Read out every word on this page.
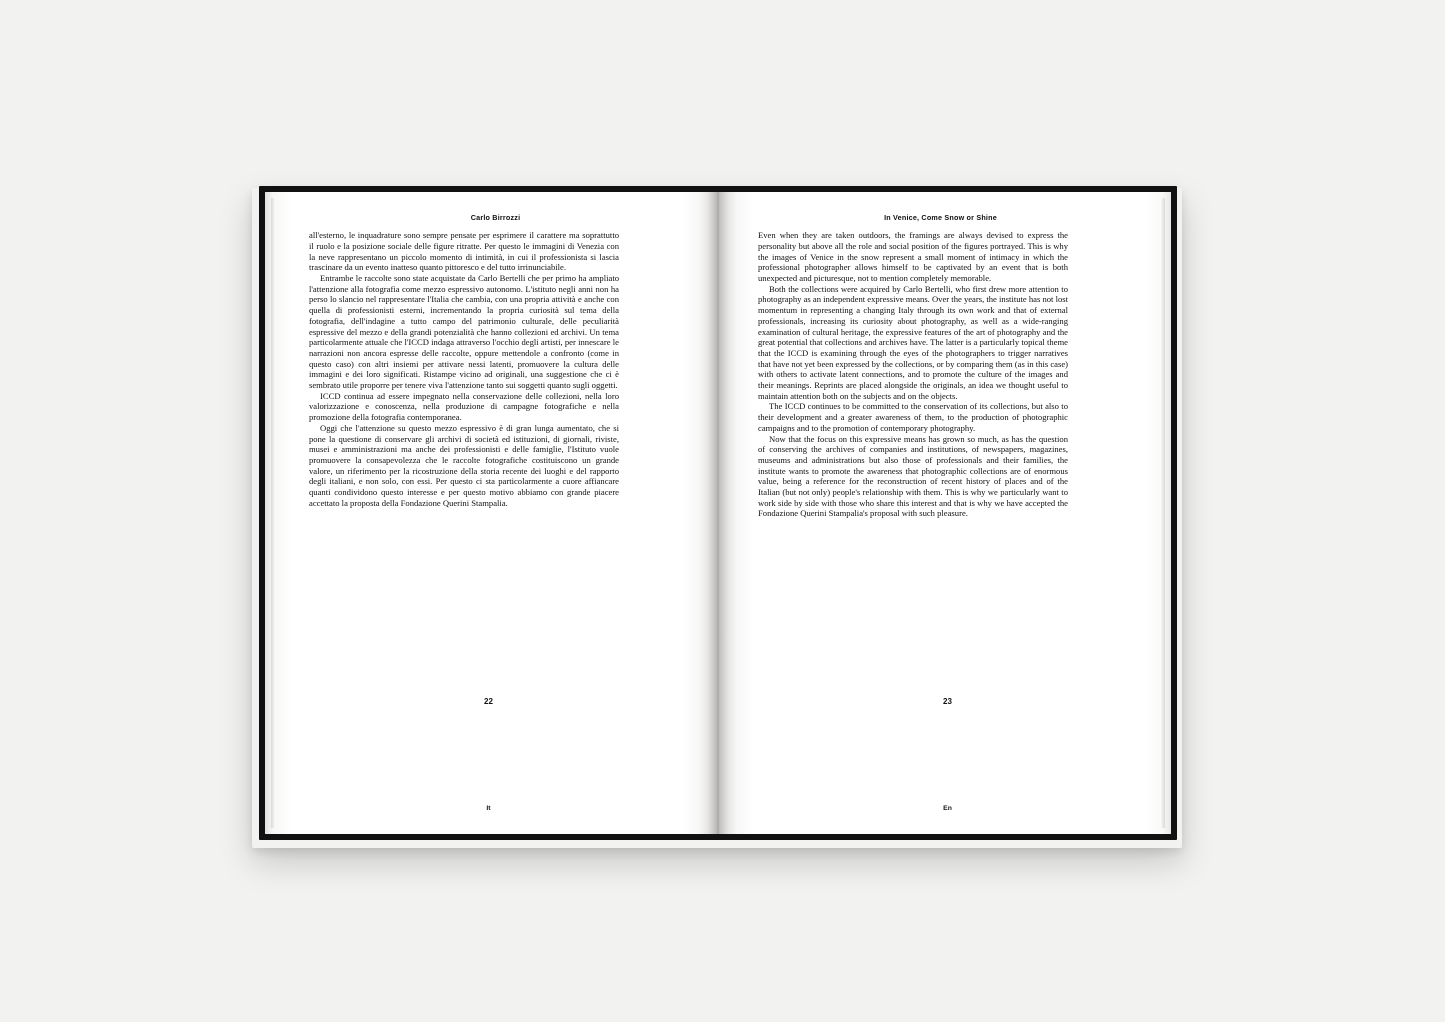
Carlo Birrozzi

all'esterno, le inquadrature sono sempre pensate per esprimere il carattere ma soprattutto il ruolo e la posizione sociale delle figure ritratte. Per questo le immagini di Venezia con la neve rappresentano un piccolo momento di intimità, in cui il professionista si lascia trascinare da un evento inatteso quanto pittoresco e del tutto irrinunciabile.

Entrambe le raccolte sono state acquistate da Carlo Bertelli che per primo ha ampliato l'attenzione alla fotografia come mezzo espressivo autonomo. L'istituto negli anni non ha perso lo slancio nel rappresentare l'Italia che cambia, con una propria attività e anche con quella di professionisti esterni, incrementando la propria curiosità sul tema della fotografia, dell'indagine a tutto campo del patrimonio culturale, delle peculiarità espressive del mezzo e della grandi potenzialità che hanno collezioni ed archivi. Un tema particolarmente attuale che l'ICCD indaga attraverso l'occhio degli artisti, per innescare le narrazioni non ancora espresse delle raccolte, oppure mettendole a confronto (come in questo caso) con altri insiemi per attivare nessi latenti, promuovere la cultura delle immagini e dei loro significati. Ristampe vicino ad originali, una suggestione che ci è sembrato utile proporre per tenere viva l'attenzione tanto sui soggetti quanto sugli oggetti.

ICCD continua ad essere impegnato nella conservazione delle collezioni, nella loro valorizzazione e conoscenza, nella produzione di campagne fotografiche e nella promozione della fotografia contemporanea.

Oggi che l'attenzione su questo mezzo espressivo è di gran lunga aumentato, che si pone la questione di conservare gli archivi di società ed istituzioni, di giornali, riviste, musei e amministrazioni ma anche dei professionisti e delle famiglie, l'Istituto vuole promuovere la consapevolezza che le raccolte fotografiche costituiscono un grande valore, un riferimento per la ricostruzione della storia recente dei luoghi e del rapporto degli italiani, e non solo, con essi. Per questo ci sta particolarmente a cuore affiancare quanti condividono questo interesse e per questo motivo abbiamo con grande piacere accettato la proposta della Fondazione Querini Stampalia.

22
It
In Venice, Come Snow or Shine

Even when they are taken outdoors, the framings are always devised to express the personality but above all the role and social position of the figures portrayed. This is why the images of Venice in the snow represent a small moment of intimacy in which the professional photographer allows himself to be captivated by an event that is both unexpected and picturesque, not to mention completely memorable.

Both the collections were acquired by Carlo Bertelli, who first drew more attention to photography as an independent expressive means. Over the years, the institute has not lost momentum in representing a changing Italy through its own work and that of external professionals, increasing its curiosity about photography, as well as a wide-ranging examination of cultural heritage, the expressive features of the art of photography and the great potential that collections and archives have. The latter is a particularly topical theme that the ICCD is examining through the eyes of the photographers to trigger narratives that have not yet been expressed by the collections, or by comparing them (as in this case) with others to activate latent connections, and to promote the culture of the images and their meanings. Reprints are placed alongside the originals, an idea we thought useful to maintain attention both on the subjects and on the objects.

The ICCD continues to be committed to the conservation of its collections, but also to their development and a greater awareness of them, to the production of photographic campaigns and to the promotion of contemporary photography.

Now that the focus on this expressive means has grown so much, as has the question of conserving the archives of companies and institutions, of newspapers, magazines, museums and administrations but also those of professionals and their families, the institute wants to promote the awareness that photographic collections are of enormous value, being a reference for the reconstruction of recent history of places and of the Italian (but not only) people's relationship with them. This is why we particularly want to work side by side with those who share this interest and that is why we have accepted the Fondazione Querini Stampalia's proposal with such pleasure.

23
En
